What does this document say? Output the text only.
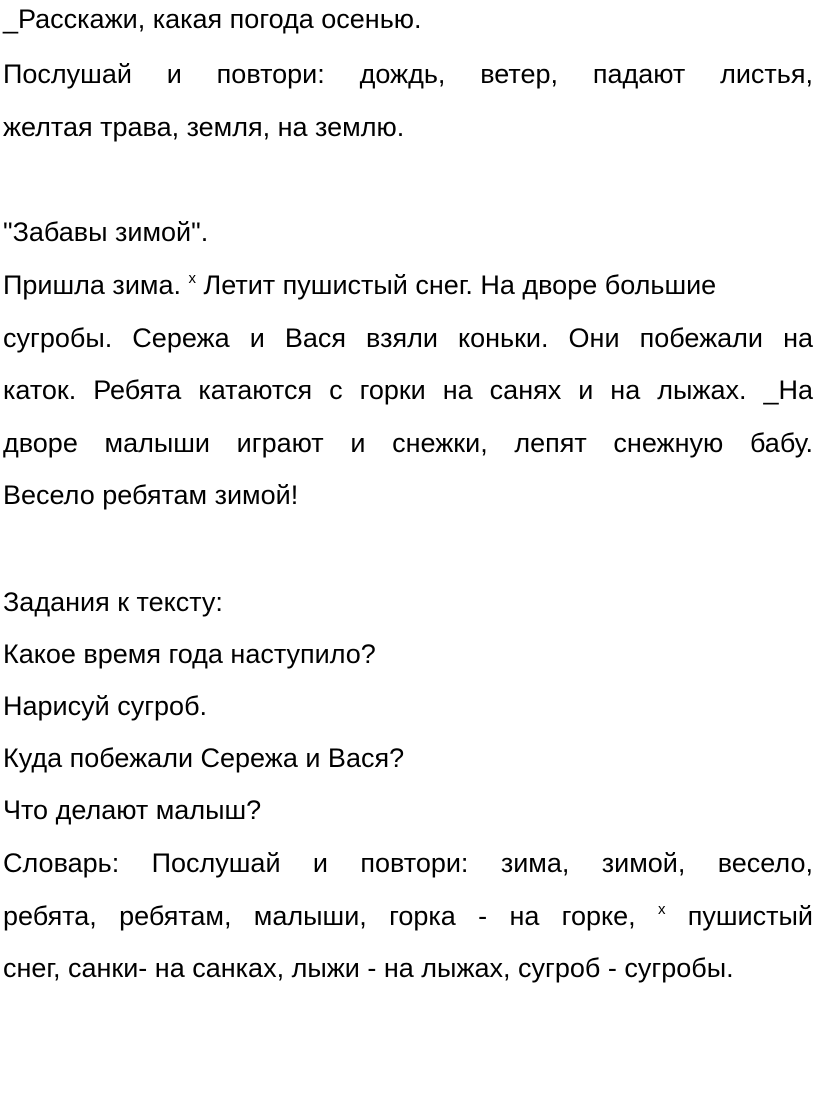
_Расскажи, какая погода осенью.
Послушай и повтори: дождь, ветер, падают листья,
желтая трава, земля, на землю.
"Забавы зимой".
Пришла зима. $^х$ Летит пушистый снег. На дворе большие
сугробы. Сережа и Вася взяли коньки. Они побежали на
каток. Ребята катаются с горки на санях и на лыжах. _На
дворе малыши играют и снежки, лепят снежную бабу.
Весело ребятам зимой!
Задания к тексту:
Какое время года наступило?
Нарисуй сугроб.
Куда побежали Сережа и Вася?
Что делают малыш?
Словарь: Послушай и повтори: зима, зимой, весело,
ребята, ребятам, малыши, горка - на горке, $^х$ пушистый
снег, санки- на санках, лыжи - на лыжах, сугроб - сугробы.
